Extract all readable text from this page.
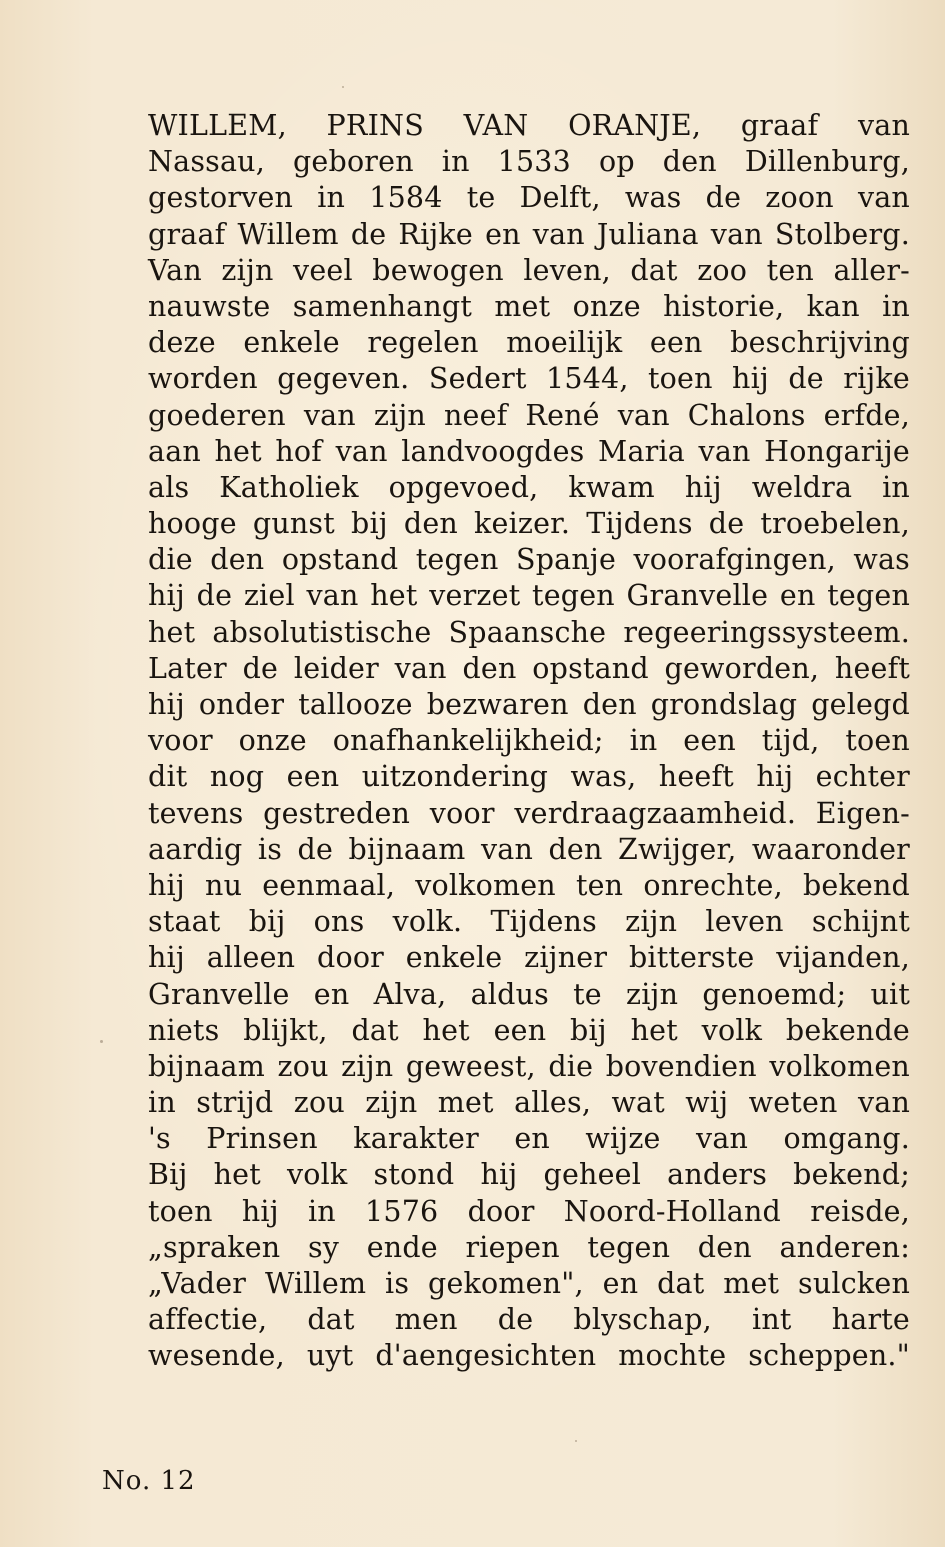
WILLEM, PRINS VAN ORANJE, graaf van
Nassau, geboren in 1533 op den Dillenburg,
gestorven in 1584 te Delft, was de zoon van
graaf Willem de Rijke en van Juliana van Stolberg.
Van zijn veel bewogen leven, dat zoo ten aller-
nauwste samenhangt met onze historie, kan in
deze enkele regelen moeilijk een beschrijving
worden gegeven. Sedert 1544, toen hij de rijke
goederen van zijn neef René van Chalons erfde,
aan het hof van landvoogdes Maria van Hongarije
als Katholiek opgevoed, kwam hij weldra in
hooge gunst bij den keizer. Tijdens de troebelen,
die den opstand tegen Spanje voorafgingen, was
hij de ziel van het verzet tegen Granvelle en tegen
het absolutistische Spaansche regeeringssysteem.
Later de leider van den opstand geworden, heeft
hij onder tallooze bezwaren den grondslag gelegd
voor onze onafhankelijkheid; in een tijd, toen
dit nog een uitzondering was, heeft hij echter
tevens gestreden voor verdraagzaamheid. Eigen-
aardig is de bijnaam van den Zwijger, waaronder
hij nu eenmaal, volkomen ten onrechte, bekend
staat bij ons volk. Tijdens zijn leven schijnt
hij alleen door enkele zijner bitterste vijanden,
Granvelle en Alva, aldus te zijn genoemd; uit
niets blijkt, dat het een bij het volk bekende
bijnaam zou zijn geweest, die bovendien volkomen
in strijd zou zijn met alles, wat wij weten van
's Prinsen karakter en wijze van omgang.
Bij het volk stond hij geheel anders bekend;
toen hij in 1576 door Noord-Holland reisde,
„spraken sy ende riepen tegen den anderen:
„Vader Willem is gekomen", en dat met sulcken
affectie, dat men de blyschap, int harte
wesende, uyt d'aengesichten mochte scheppen."
No. 12
